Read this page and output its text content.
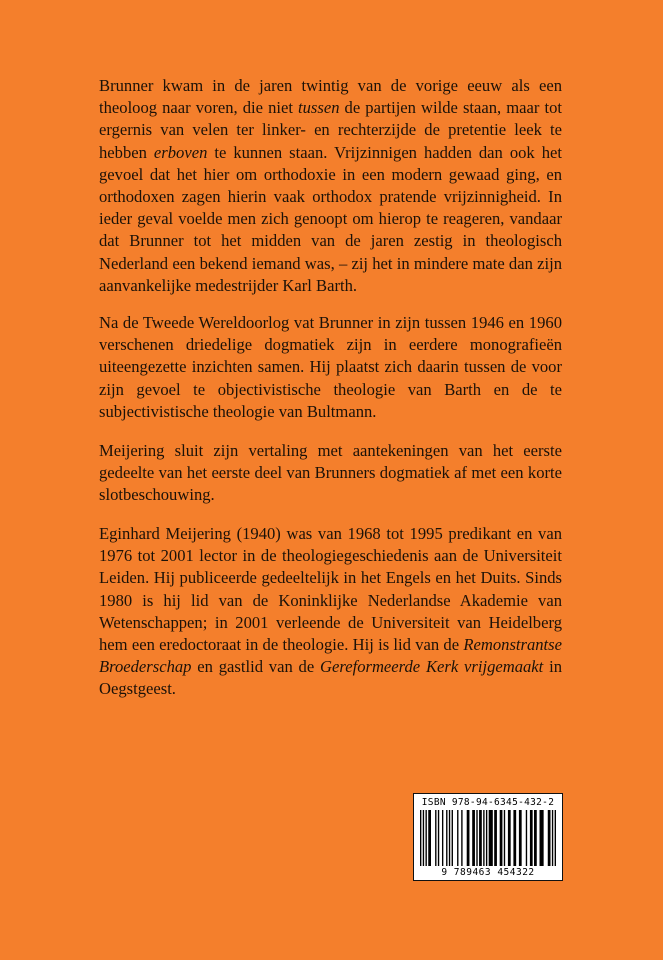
Brunner kwam in de jaren twintig van de vorige eeuw als een theoloog naar voren, die niet tussen de partijen wilde staan, maar tot ergernis van velen ter linker- en rechterzijde de pretentie leek te hebben erboven te kunnen staan. Vrijzinnigen hadden dan ook het gevoel dat het hier om orthodoxie in een modern gewaad ging, en orthodoxen zagen hierin vaak orthodox pratende vrijzinnigheid. In ieder geval voelde men zich genoopt om hierop te reageren, vandaar dat Brunner tot het midden van de jaren zestig in theologisch Nederland een bekend iemand was, – zij het in mindere mate dan zijn aanvankelijke medestrijder Karl Barth.

Na de Tweede Wereldoorlog vat Brunner in zijn tussen 1946 en 1960 verschenen driedelige dogmatiek zijn in eerdere monografieën uiteengezette inzichten samen. Hij plaatst zich daarin tussen de voor zijn gevoel te objectivistische theologie van Barth en de te subjectivistische theologie van Bultmann.

Meijering sluit zijn vertaling met aantekeningen van het eerste gedeelte van het eerste deel van Brunners dogmatiek af met een korte slotbeschouwing.

Eginhard Meijering (1940) was van 1968 tot 1995 predikant en van 1976 tot 2001 lector in de theologiegeschiedenis aan de Universiteit Leiden. Hij publiceerde gedeeltelijk in het Engels en het Duits. Sinds 1980 is hij lid van de Koninklijke Nederlandse Akademie van Wetenschappen; in 2001 verleende de Universiteit van Heidelberg hem een eredoctoraat in de theologie. Hij is lid van de Remonstrantse Broederschap en gastlid van de Gereformeerde Kerk vrijgemaakt in Oegstgeest.

ISBN 978-94-6345-432-2
9 789463 454322
